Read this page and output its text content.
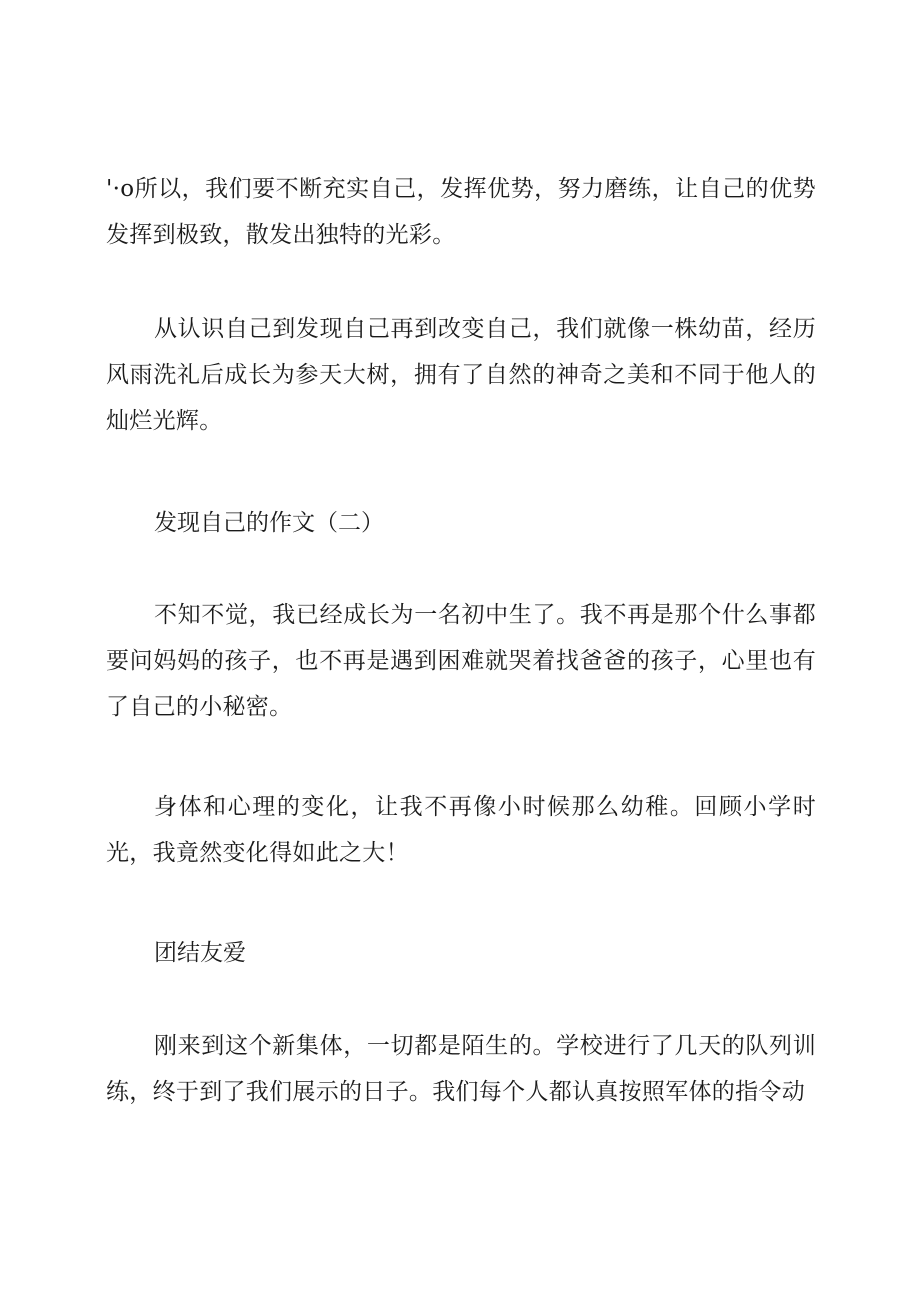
'·o所以，我们要不断充实自己，发挥优势，努力磨练，让自己的优势发挥到极致，散发出独特的光彩。

从认识自己到发现自己再到改变自己，我们就像一株幼苗，经历风雨洗礼后成长为参天大树，拥有了自然的神奇之美和不同于他人的灿烂光辉。

发现自己的作文（二）

不知不觉，我已经成长为一名初中生了。我不再是那个什么事都要问妈妈的孩子，也不再是遇到困难就哭着找爸爸的孩子，心里也有了自己的小秘密。

身体和心理的变化，让我不再像小时候那么幼稚。回顾小学时光，我竟然变化得如此之大！

团结友爱

刚来到这个新集体，一切都是陌生的。学校进行了几天的队列训练，终于到了我们展示的日子。我们每个人都认真按照军体的指令动
